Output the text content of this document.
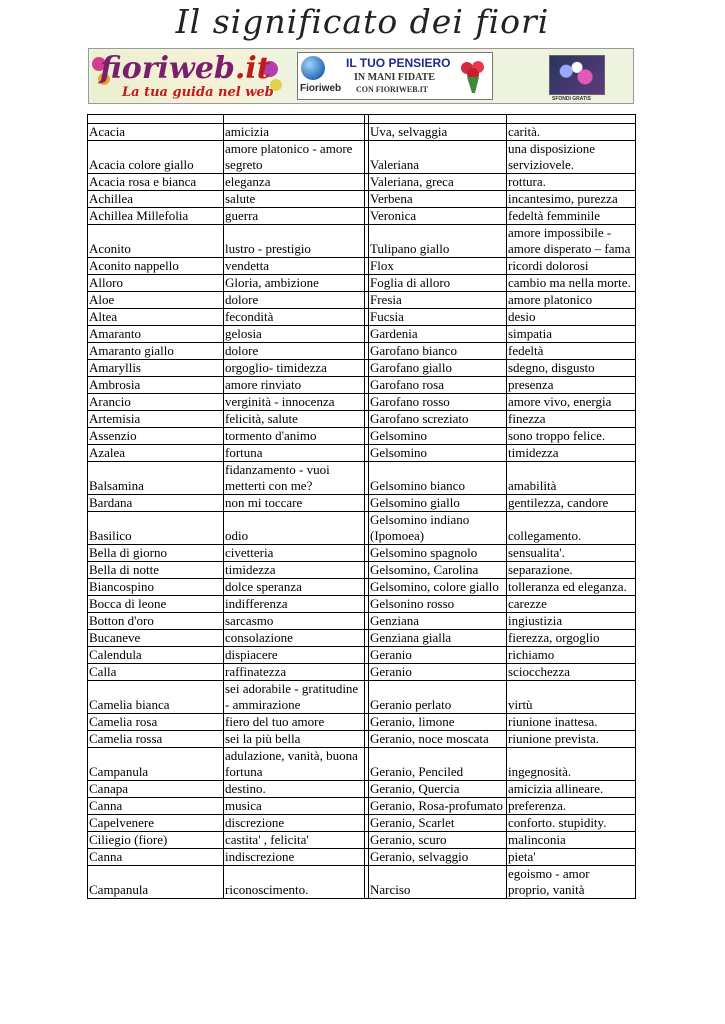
Il significato dei fiori
fioriweb.it
La tua guida nel web	Fioriweb
IL TUO PENSIERO
IN MANI FIDATE
CON FIORIWEB.IT
SFONDI GRATIS

Acacia	amicizia		Uva, selvaggia	carità.
Acacia colore giallo	amore platonico - amore segreto		Valeriana	una disposizione serviziovele.
Acacia rosa e bianca	eleganza		Valeriana, greca	rottura.
Achillea	salute		Verbena	incantesimo, purezza
Achillea Millefolia	guerra		Veronica	fedeltà femminile
Aconito	lustro - prestigio		Tulipano giallo	amore impossibile - amore disperato – fama
Aconito nappello	vendetta		Flox	ricordi dolorosi
Alloro	Gloria, ambizione		Foglia di alloro	cambio ma nella morte.
Aloe	dolore		Fresia	amore platonico
Altea	fecondità		Fucsia	desio
Amaranto	gelosia		Gardenia	simpatia
Amaranto giallo	dolore		Garofano bianco	fedeltà
Amaryllis	orgoglio- timidezza		Garofano giallo	sdegno, disgusto
Ambrosia	amore rinviato		Garofano rosa	presenza
Arancio	verginità - innocenza		Garofano rosso	amore vivo, energia
Artemisia	felicità, salute		Garofano screziato	finezza
Assenzio	tormento d'animo		Gelsomino	sono troppo felice.
Azalea	fortuna		Gelsomino	timidezza
Balsamina	fidanzamento - vuoi metterti con me?		Gelsomino bianco	amabilità
Bardana	non mi toccare		Gelsomino giallo	gentilezza, candore
Basilico	odio		Gelsomino indiano (Ipomoea)	collegamento.
Bella di giorno	civetteria		Gelsomino spagnolo	sensualita'.
Bella di notte	timidezza		Gelsomino, Carolina	separazione.
Biancospino	dolce speranza		Gelsomino, colore giallo	tolleranza ed eleganza.
Bocca di leone	indifferenza		Gelsonino rosso	carezze
Botton d'oro	sarcasmo		Genziana	ingiustizia
Bucaneve	consolazione		Genziana gialla	fierezza, orgoglio
Calendula	dispiacere		Geranio	richiamo
Calla	raffinatezza		Geranio	sciocchezza
Camelia bianca	sei adorabile - gratitudine - ammirazione		Geranio perlato	virtù
Camelia rosa	fiero del tuo amore		Geranio, limone	riunione inattesa.
Camelia rossa	sei la più bella		Geranio, noce moscata	riunione prevista.
Campanula	adulazione, vanità, buona fortuna		Geranio, Penciled	ingegnosità.
Canapa	destino.		Geranio, Quercia	amicizia allineare.
Canna	musica		Geranio, Rosa-profumato	preferenza.
Capelvenere	discrezione		Geranio, Scarlet	conforto. stupidity.
Ciliegio (fiore)	castita' , felicita'		Geranio, scuro	malinconia
Canna	indiscrezione		Geranio, selvaggio	pieta'
Campanula	riconoscimento.		Narciso	egoismo - amor proprio, vanità
